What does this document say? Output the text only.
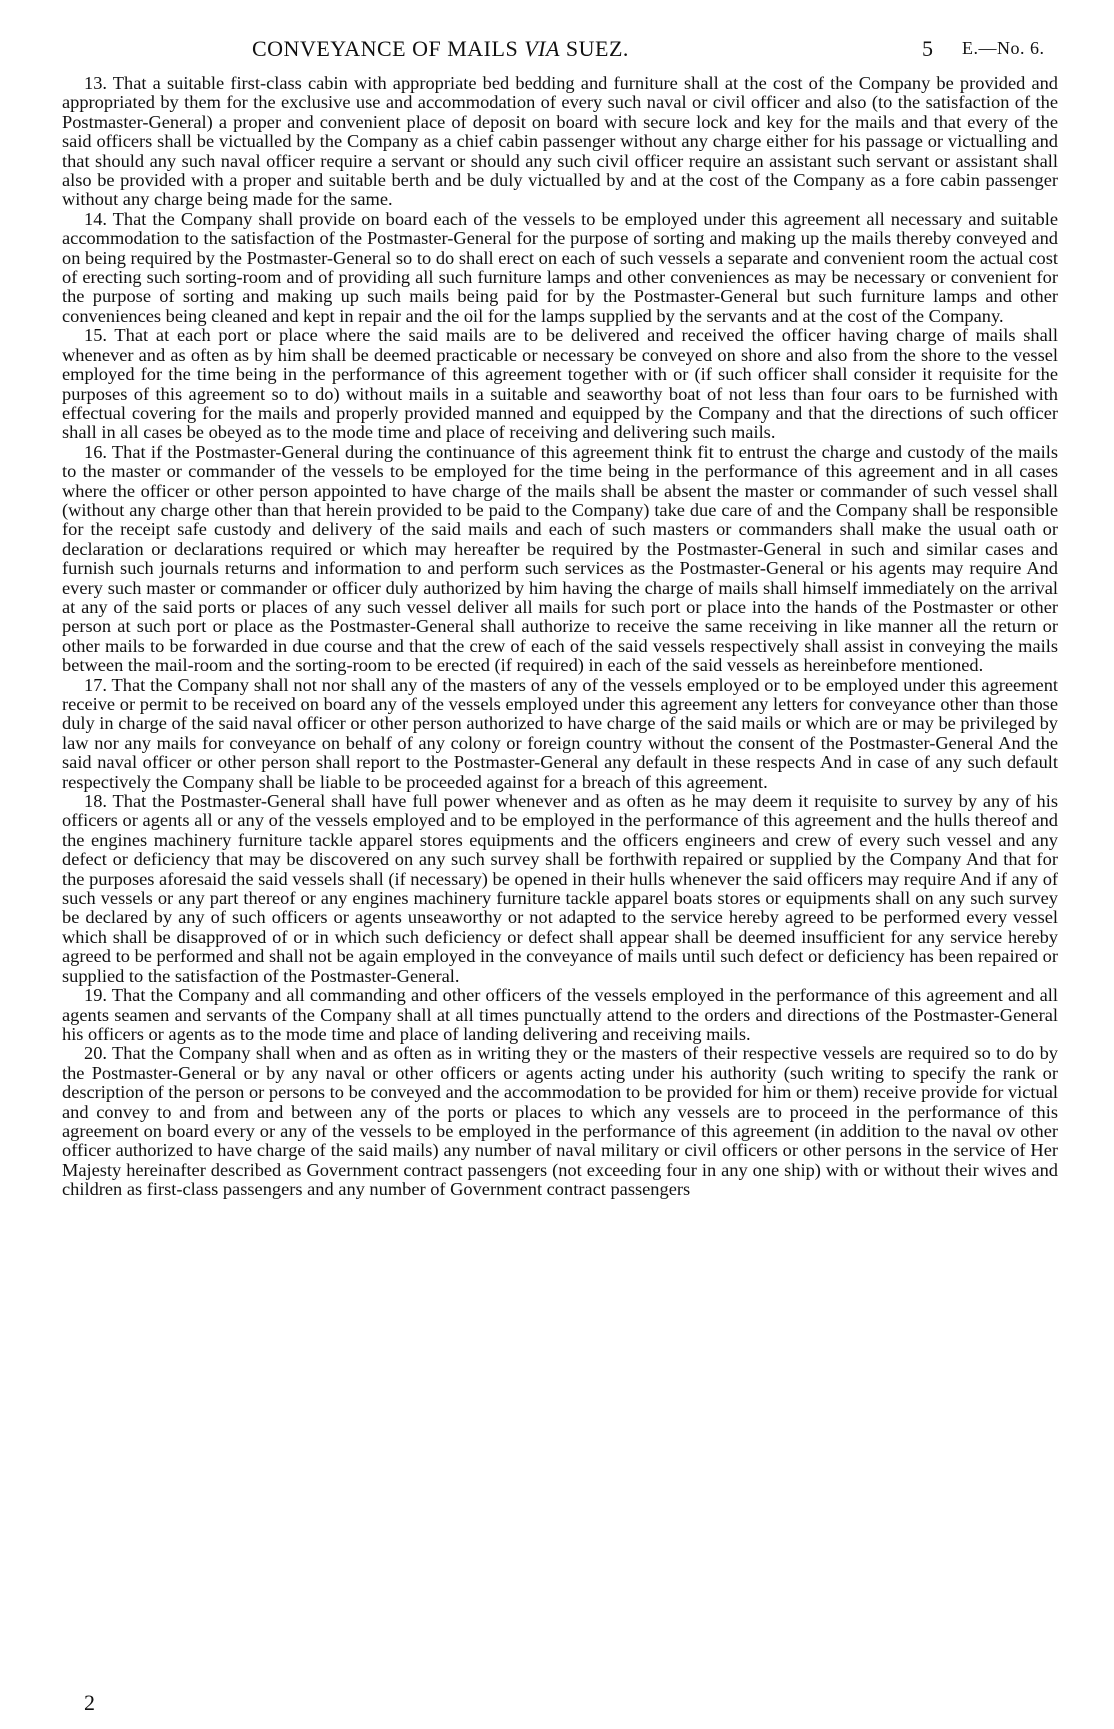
CONVEYANCE OF MAILS VIA SUEZ.	5 E.—No. 6.

13. That a suitable first-class cabin with appropriate bed bedding and furniture shall at the cost of the Company be provided and appropriated by them for the exclusive use and accommodation of every such naval or civil officer and also (to the satisfaction of the Postmaster-General) a proper and convenient place of deposit on board with secure lock and key for the mails and that every of the said officers shall be victualled by the Company as a chief cabin passenger without any charge either for his passage or victualling and that should any such naval officer require a servant or should any such civil officer require an assistant such servant or assistant shall also be provided with a proper and suitable berth and be duly victualled by and at the cost of the Company as a fore cabin passenger without any charge being made for the same.

14. That the Company shall provide on board each of the vessels to be employed under this agreement all necessary and suitable accommodation to the satisfaction of the Postmaster-General for the purpose of sorting and making up the mails thereby conveyed and on being required by the Postmaster-General so to do shall erect on each of such vessels a separate and convenient room the actual cost of erecting such sorting-room and of providing all such furniture lamps and other conveniences as may be necessary or convenient for the purpose of sorting and making up such mails being paid for by the Postmaster-General but such furniture lamps and other conveniences being cleaned and kept in repair and the oil for the lamps supplied by the servants and at the cost of the Company.

15. That at each port or place where the said mails are to be delivered and received the officer having charge of mails shall whenever and as often as by him shall be deemed practicable or necessary be conveyed on shore and also from the shore to the vessel employed for the time being in the performance of this agreement together with or (if such officer shall consider it requisite for the purposes of this agreement so to do) without mails in a suitable and seaworthy boat of not less than four oars to be furnished with effectual covering for the mails and properly provided manned and equipped by the Company and that the directions of such officer shall in all cases be obeyed as to the mode time and place of receiving and delivering such mails.

16. That if the Postmaster-General during the continuance of this agreement think fit to entrust the charge and custody of the mails to the master or commander of the vessels to be employed for the time being in the performance of this agreement and in all cases where the officer or other person appointed to have charge of the mails shall be absent the master or commander of such vessel shall (without any charge other than that herein provided to be paid to the Company) take due care of and the Company shall be responsible for the receipt safe custody and delivery of the said mails and each of such masters or commanders shall make the usual oath or declaration or declarations required or which may hereafter be required by the Postmaster-General in such and similar cases and furnish such journals returns and information to and perform such services as the Postmaster-General or his agents may require And every such master or commander or officer duly authorized by him having the charge of mails shall himself immediately on the arrival at any of the said ports or places of any such vessel deliver all mails for such port or place into the hands of the Postmaster or other person at such port or place as the Postmaster-General shall authorize to receive the same receiving in like manner all the return or other mails to be forwarded in due course and that the crew of each of the said vessels respectively shall assist in conveying the mails between the mail-room and the sorting-room to be erected (if required) in each of the said vessels as hereinbefore mentioned.

17. That the Company shall not nor shall any of the masters of any of the vessels employed or to be employed under this agreement receive or permit to be received on board any of the vessels employed under this agreement any letters for conveyance other than those duly in charge of the said naval officer or other person authorized to have charge of the said mails or which are or may be privileged by law nor any mails for conveyance on behalf of any colony or foreign country without the consent of the Postmaster-General And the said naval officer or other person shall report to the Postmaster-General any default in these respects And in case of any such default respectively the Company shall be liable to be proceeded against for a breach of this agreement.

18. That the Postmaster-General shall have full power whenever and as often as he may deem it requisite to survey by any of his officers or agents all or any of the vessels employed and to be employed in the performance of this agreement and the hulls thereof and the engines machinery furniture tackle apparel stores equipments and the officers engineers and crew of every such vessel and any defect or deficiency that may be discovered on any such survey shall be forthwith repaired or supplied by the Company And that for the purposes aforesaid the said vessels shall (if necessary) be opened in their hulls whenever the said officers may require And if any of such vessels or any part thereof or any engines machinery furniture tackle apparel boats stores or equipments shall on any such survey be declared by any of such officers or agents unseaworthy or not adapted to the service hereby agreed to be performed every vessel which shall be disapproved of or in which such deficiency or defect shall appear shall be deemed insufficient for any service hereby agreed to be performed and shall not be again employed in the conveyance of mails until such defect or deficiency has been repaired or supplied to the satisfaction of the Postmaster-General.

19. That the Company and all commanding and other officers of the vessels employed in the performance of this agreement and all agents seamen and servants of the Company shall at all times punctually attend to the orders and directions of the Postmaster-General his officers or agents as to the mode time and place of landing delivering and receiving mails.

20. That the Company shall when and as often as in writing they or the masters of their respective vessels are required so to do by the Postmaster-General or by any naval or other officers or agents acting under his authority (such writing to specify the rank or description of the person or persons to be conveyed and the accommodation to be provided for him or them) receive provide for victual and convey to and from and between any of the ports or places to which any vessels are to proceed in the performance of this agreement on board every or any of the vessels to be employed in the performance of this agreement (in addition to the naval ov other officer authorized to have charge of the said mails) any number of naval military or civil officers or other persons in the service of Her Majesty hereinafter described as Government contract passengers (not exceeding four in any one ship) with or without their wives and children as first-class passengers and any number of Government contract passengers

2
